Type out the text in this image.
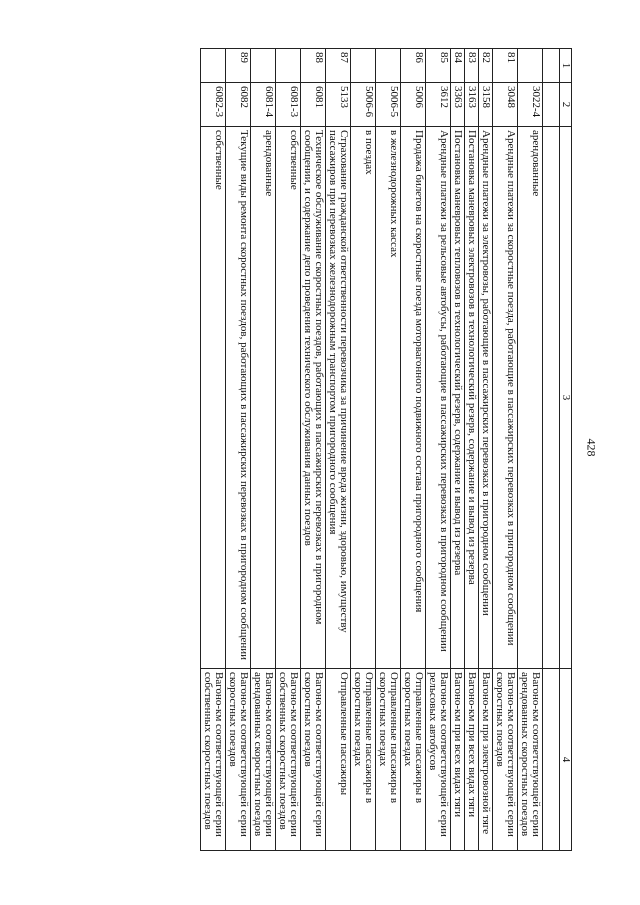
428
1	2	3	4

	3022-4	арендованные	Вагоно-км соответствующей серии арендованных скоростных поездов
81	3048	Арендные платежи за скоростные поезда, работающие в пассажирских перевозках в пригородном сообщении	Вагоно-км соответствующей серии скоростных поездов
82	3158	Арендные платежи за электровозы, работающие в пассажирских перевозках в пригородном сообщении	Вагоно-км при электровозной тяге
83	3163	Постановка маневровых электровозов в технологический резерв, содержание и вывод из резерва	Вагоно-км при всех видах тяги
84	3363	Постановка маневровых тепловозов в технологический резерв, содержание и вывод из резерва	Вагоно-км при всех видах тяги
85	3612	Арендные платежи за рельсовые автобусы, работающие в пассажирских перевозках в пригородном сообщении	Вагоно-км соответствующей серии рельсовых автобусов
86	5006	Продажа билетов на скоростные поезда моторвагонного подвижного состава пригородного сообщения	Отправленные пассажиры в скоростных поездах
	5006-5	в железнодорожных кассах	Отправленные пассажиры в скоростных поездах
	5006-6	в поездах	Отправленные пассажиры в скоростных поездах
87	5133	Страхование гражданской ответственности перевозчика за причинение вреда жизни, здоровью, имуществу пассажиров при перевозках железнодорожным транспортом пригородного сообщения	Отправленные пассажиры
88	6081	Техническое обслуживание скоростных поездов, работающих в пассажирских перевозках в пригородном сообщении, и содержание депо проведения технического обслуживания данных поездов	Вагоно-км соответствующей серии скоростных поездов
	6081-3	собственные	Вагоно-км соответствующей серии собственных скоростных поездов
	6081-4	арендованные	Вагоно-км соответствующей серии арендованных скоростных поездов
89	6082	Текущие виды ремонта скоростных поездов, работающих в пассажирских перевозках в пригородном сообщении	Вагоно-км соответствующей серии скоростных поездов
	6082-3	собственные	Вагоно-км соответствующей серии собственных скоростных поездов
